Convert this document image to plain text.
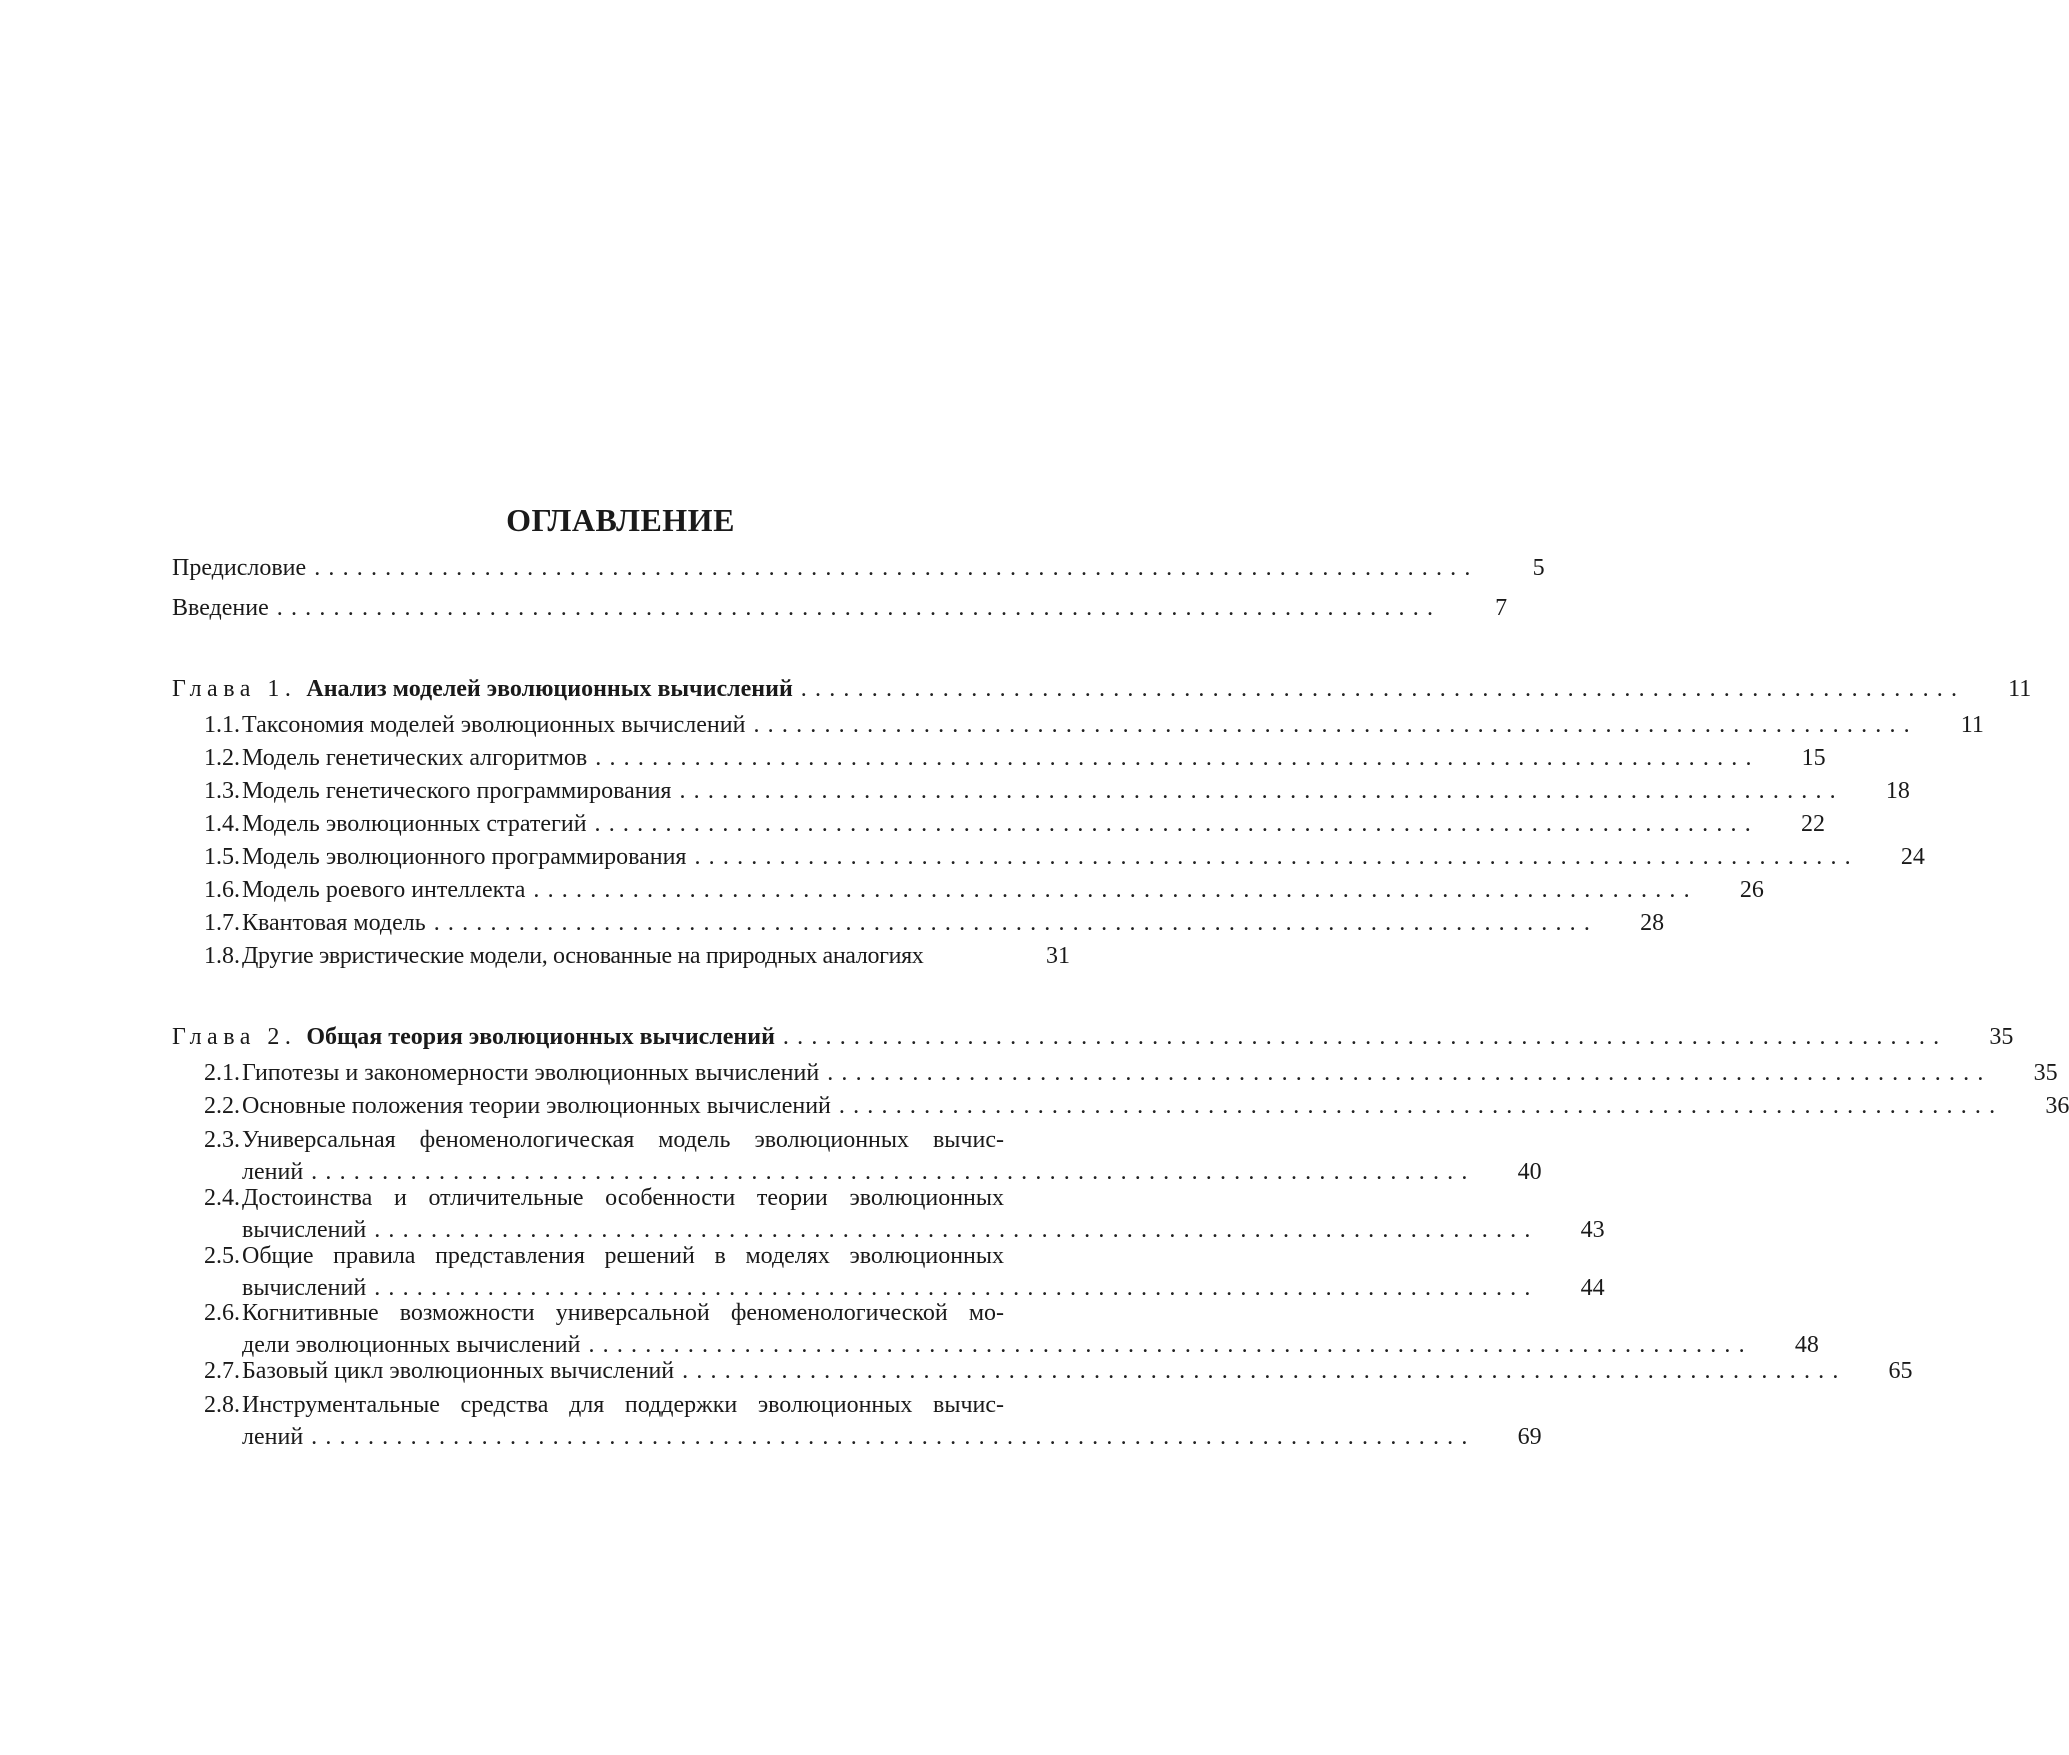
ОГЛАВЛЕНИЕ
Предисловие ..................................................................................	5
Введение ..................................................................................	7
Глава 1. Анализ моделей эволюционных вычислений ..................................................................................	11
1.1. Таксономия моделей эволюционных вычислений ..................................................................................	11
1.2. Модель генетических алгоритмов ..................................................................................	15
1.3. Модель генетического программирования ..................................................................................	18
1.4. Модель эволюционных стратегий ..................................................................................	22
1.5. Модель эволюционного программирования ..................................................................................	24
1.6. Модель роевого интеллекта ..................................................................................	26
1.7. Квантовая модель ..................................................................................	28
1.8. Другие эвристические модели, основанные на природных аналогиях	31
Глава 2. Общая теория эволюционных вычислений ..................................................................................	35
2.1. Гипотезы и закономерности эволюционных вычислений ..................................................................................	35
2.2. Основные положения теории эволюционных вычислений ..................................................................................	36
2.3. Универсальная феноменологическая модель эволюционных вычис-
лений ..................................................................................	40
2.4. Достоинства и отличительные особенности теории эволюционных
вычислений ..................................................................................	43
2.5. Общие правила представления решений в моделях эволюционных
вычислений ..................................................................................	44
2.6. Когнитивные возможности универсальной феноменологической мо-
дели эволюционных вычислений ..................................................................................	48
2.7. Базовый цикл эволюционных вычислений ..................................................................................	65
2.8. Инструментальные средства для поддержки эволюционных вычис-
лений ..................................................................................	69
